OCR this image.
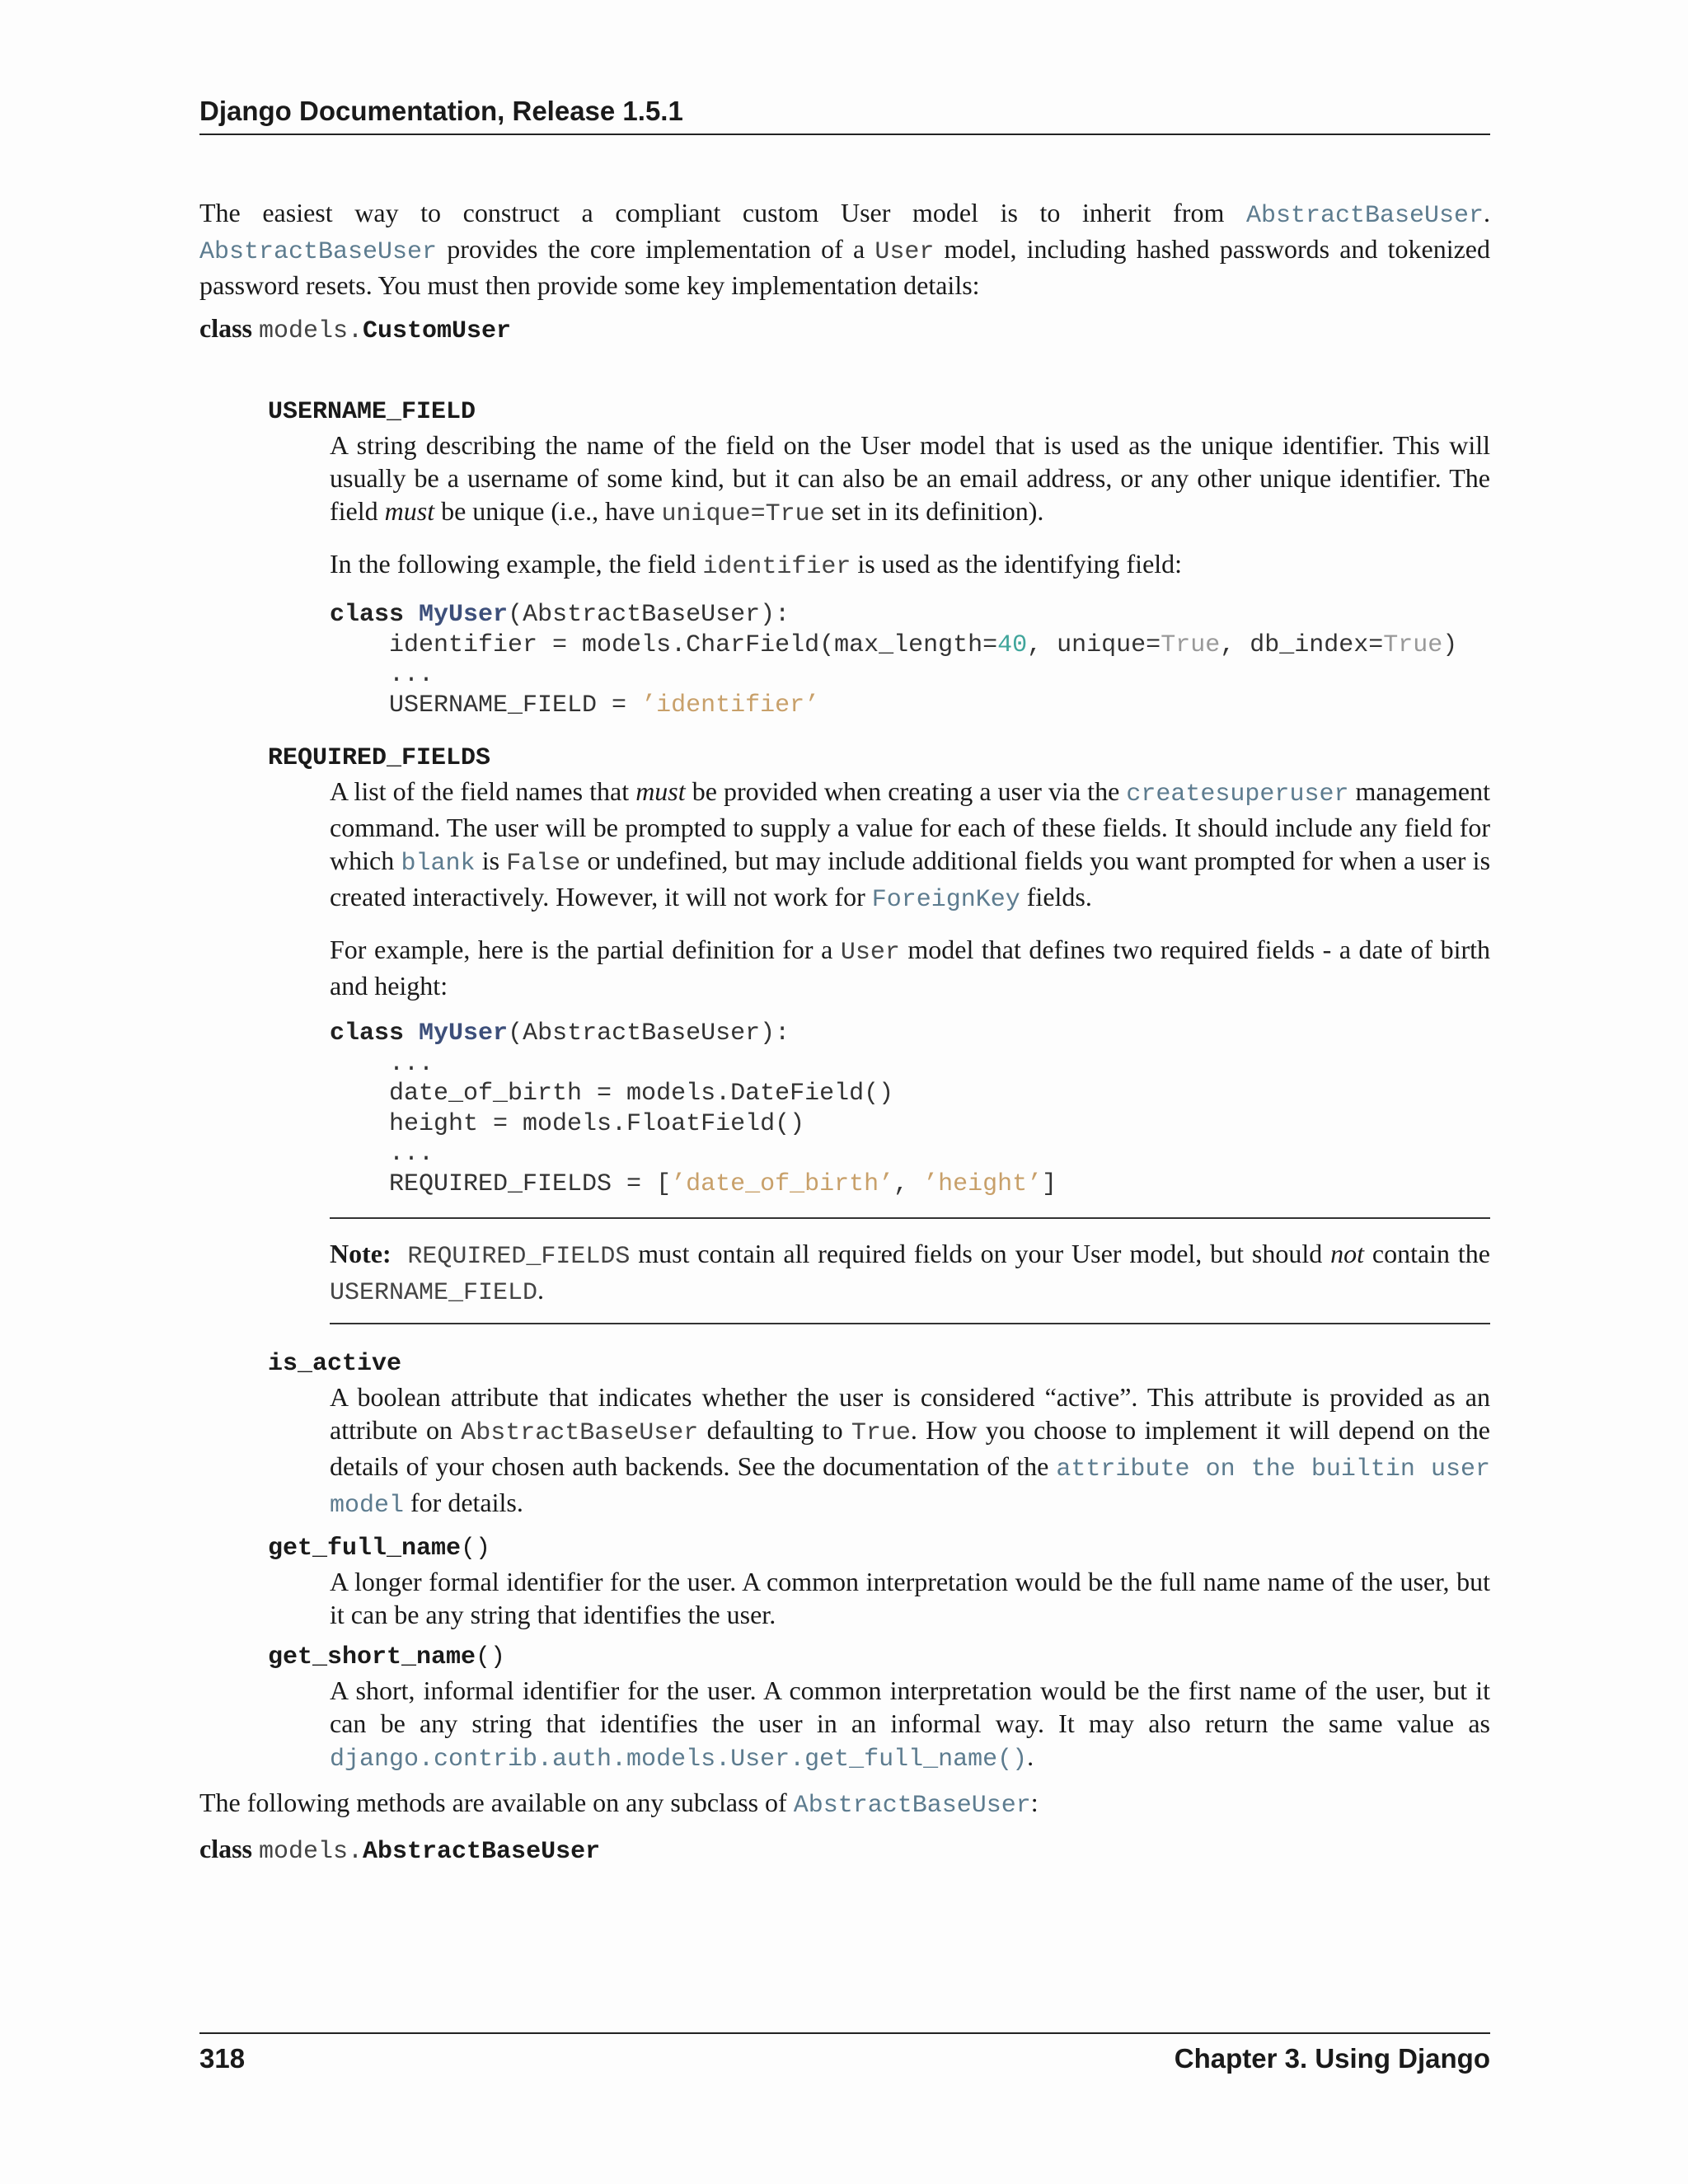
Django Documentation, Release 1.5.1

The easiest way to construct a compliant custom User model is to inherit from AbstractBaseUser. AbstractBaseUser provides the core implementation of a User model, including hashed passwords and tokenized password resets. You must then provide some key implementation details:

class models.CustomUser
USERNAME_FIELD

A string describing the name of the field on the User model that is used as the unique identifier. This will usually be a username of some kind, but it can also be an email address, or any other unique identifier. The field must be unique (i.e., have unique=True set in its definition).

In the following example, the field identifier is used as the identifying field:

class MyUser(AbstractBaseUser):
identifier = models.CharField(max_length=40, unique=True, db_index=True)
...
USERNAME_FIELD = ’identifier’
REQUIRED_FIELDS

A list of the field names that must be provided when creating a user via the createsuperuser management command. The user will be prompted to supply a value for each of these fields. It should include any field for which blank is False or undefined, but may include additional fields you want prompted for when a user is created interactively. However, it will not work for ForeignKey fields.

For example, here is the partial definition for a User model that defines two required fields - a date of birth and height:

class MyUser(AbstractBaseUser):
...
date_of_birth = models.DateField()
height = models.FloatField()
...
REQUIRED_FIELDS = [’date_of_birth’, ’height’]

Note: REQUIRED_FIELDS must contain all required fields on your User model, but should not contain the USERNAME_FIELD.

is_active

A boolean attribute that indicates whether the user is considered “active”. This attribute is provided as an attribute on AbstractBaseUser defaulting to True. How you choose to implement it will depend on the details of your chosen auth backends. See the documentation of the attribute on the builtin user model for details.

get_full_name()

A longer formal identifier for the user. A common interpretation would be the full name name of the user, but it can be any string that identifies the user.

get_short_name()

A short, informal identifier for the user. A common interpretation would be the first name of the user, but it can be any string that identifies the user in an informal way. It may also return the same value as django.contrib.auth.models.User.get_full_name().

The following methods are available on any subclass of AbstractBaseUser:

class models.AbstractBaseUser
318	Chapter 3. Using Django
